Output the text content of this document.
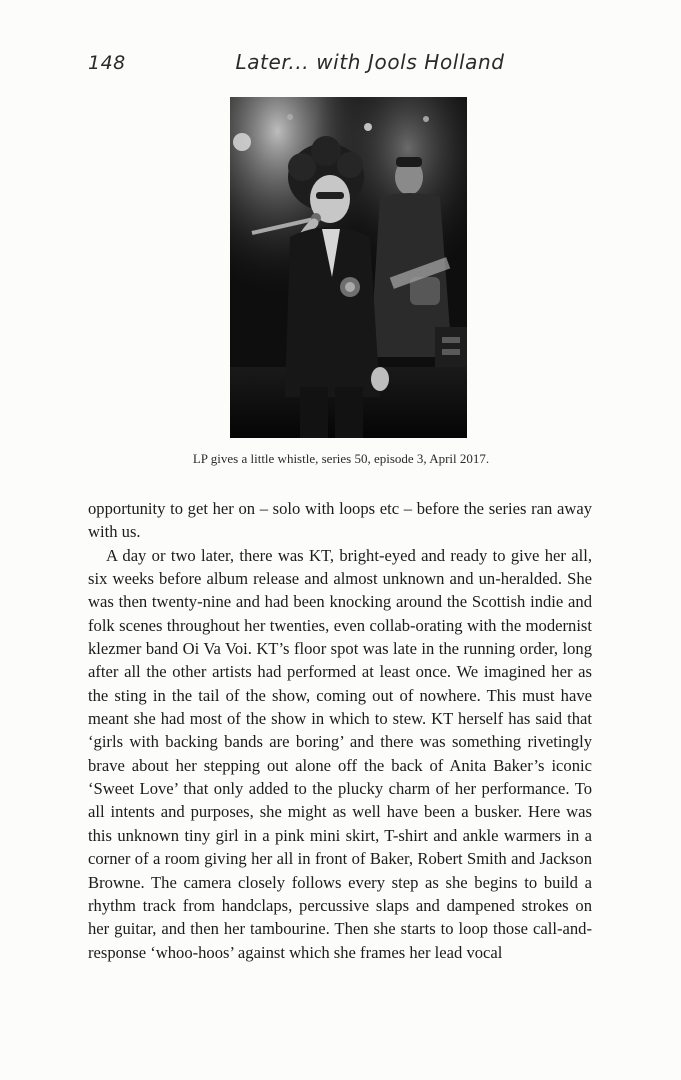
148	Later... with Jools Holland
LP gives a little whistle, series 50, episode 3, April 2017.

opportunity to get her on – solo with loops etc – before the series ran away with us.

A day or two later, there was KT, bright-eyed and ready to give her all, six weeks before album release and almost unknown and un-heralded. She was then twenty-nine and had been knocking around the Scottish indie and folk scenes throughout her twenties, even collab-orating with the modernist klezmer band Oi Va Voi. KT’s floor spot was late in the running order, long after all the other artists had performed at least once. We imagined her as the sting in the tail of the show, coming out of nowhere. This must have meant she had most of the show in which to stew. KT herself has said that ‘girls with backing bands are boring’ and there was something rivetingly brave about her stepping out alone off the back of Anita Baker’s iconic ‘Sweet Love’ that only added to the plucky charm of her performance. To all intents and purposes, she might as well have been a busker. Here was this unknown tiny girl in a pink mini skirt, T-shirt and ankle warmers in a corner of a room giving her all in front of Baker, Robert Smith and Jackson Browne. The camera closely follows every step as she begins to build a rhythm track from handclaps, percussive slaps and dampened strokes on her guitar, and then her tambourine. Then she starts to loop those call-and-response ‘whoo-hoos’ against which she frames her lead vocal
